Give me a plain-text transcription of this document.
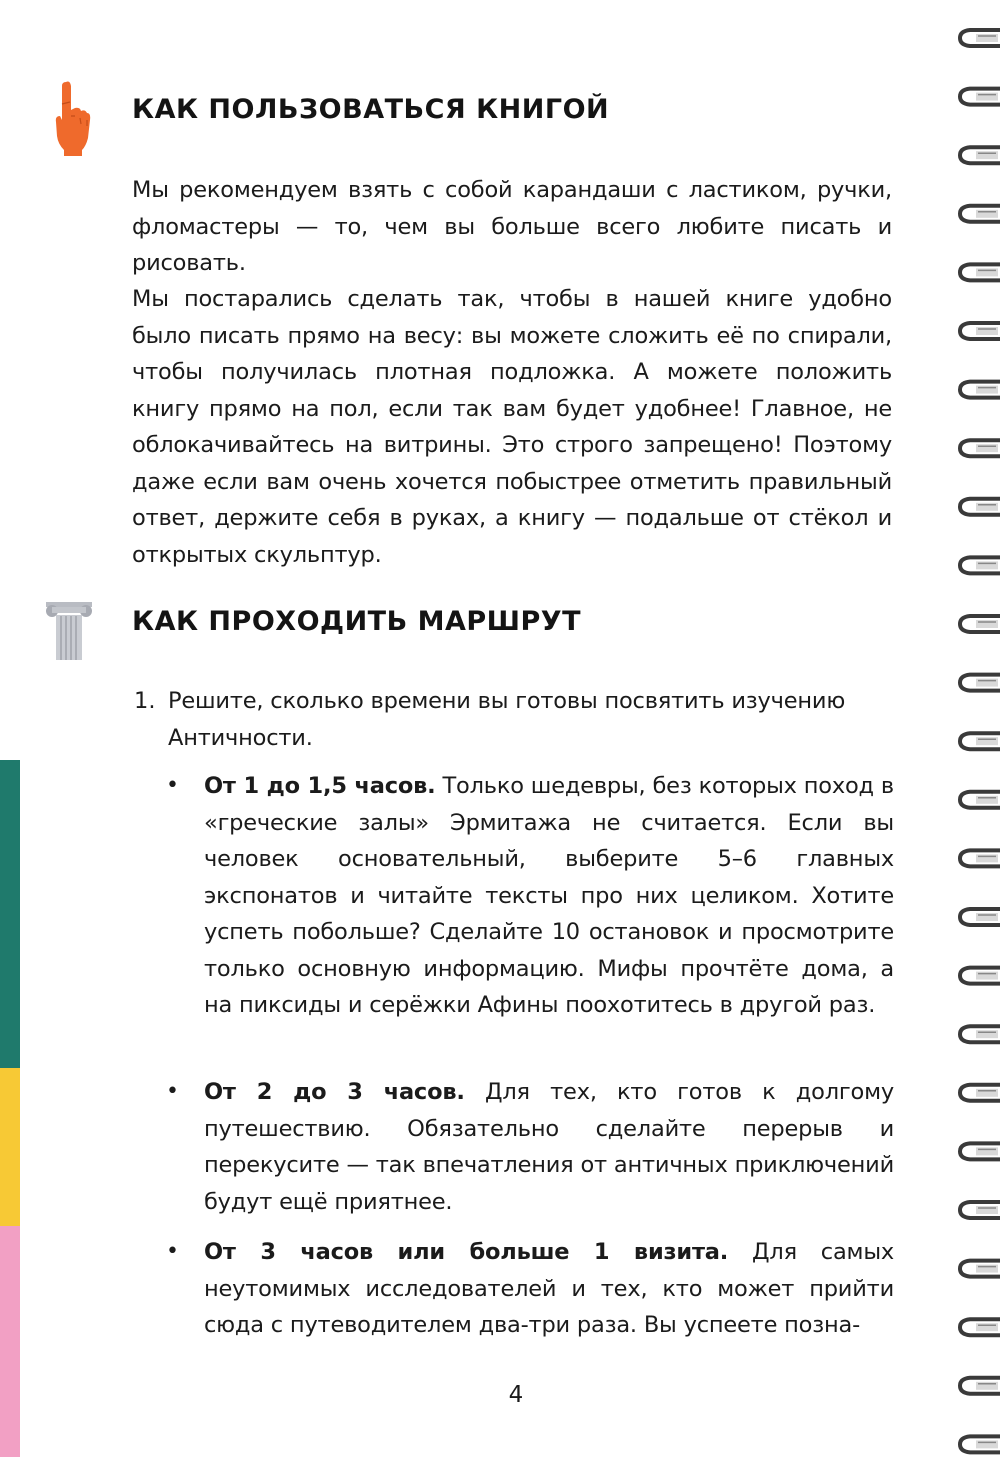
КАК ПОЛЬЗОВАТЬСЯ КНИГОЙ

Мы рекомендуем взять с собой карандаши с ластиком, ручки, фломастеры — то, чем вы больше всего любите писать и рисовать.

Мы постарались сделать так, чтобы в нашей книге удобно было писать прямо на весу: вы можете сложить её по спирали, чтобы получилась плотная подложка. А можете положить книгу прямо на пол, если так вам будет удобнее! Главное, не облокачивайтесь на витрины. Это строго запрещено! Поэтому даже если вам очень хочется побыстрее отметить правильный ответ, держите себя в руках, а книгу — подальше от стёкол и открытых скульптур.

КАК ПРОХОДИТЬ МАРШРУТ
1. Решите, сколько времени вы готовы посвятить изучению Античности.

• От 1 до 1,5 часов. Только шедевры, без которых поход в «греческие залы» Эрмитажа не считается. Если вы человек основательный, выберите 5–6 главных экспонатов и читайте тексты про них целиком. Хотите успеть побольше? Сделайте 10 остановок и просмотрите только основную информацию. Мифы прочтёте дома, а на пиксиды и серёжки Афины поохотитесь в другой раз.

• От 2 до 3 часов. Для тех, кто готов к долгому путешествию. Обязательно сделайте перерыв и перекусите — так впечатления от античных приключений будут ещё приятнее.

• От 3 часов или больше 1 визита. Для самых неутомимых исследователей и тех, кто может прийти сюда с путеводителем два-три раза. Вы успеете позна-

4
